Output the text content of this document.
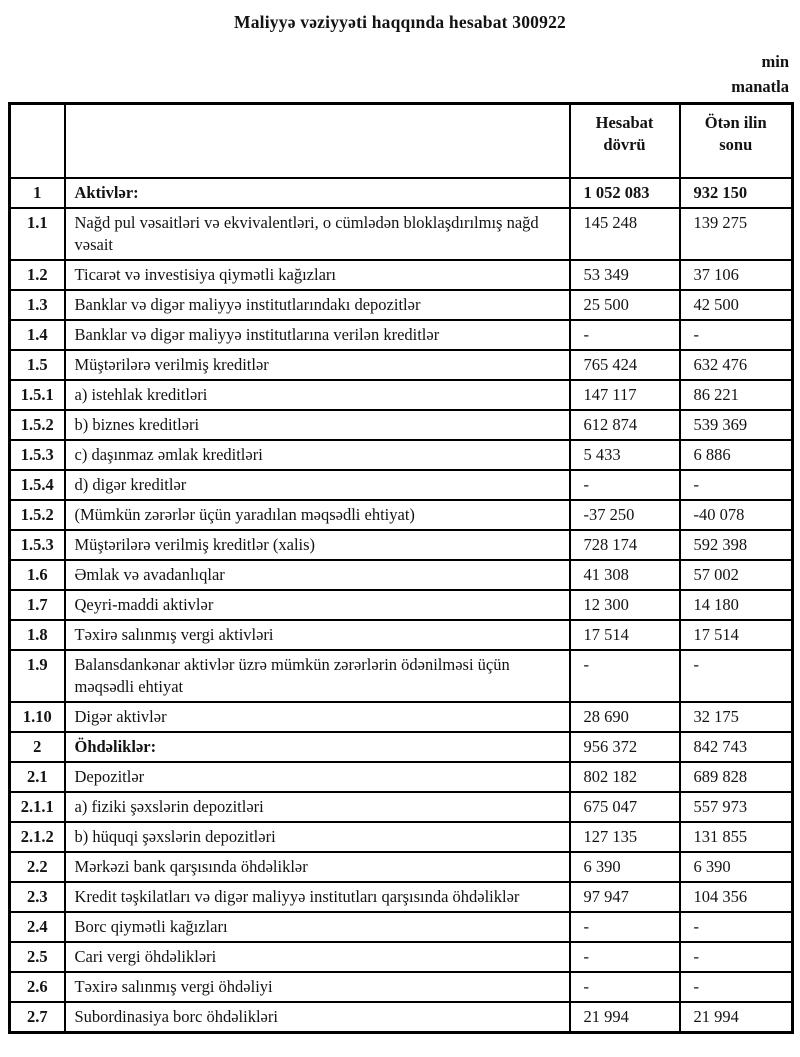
Maliyyə vəziyyəti haqqında hesabat 300922
min
manatla
		Hesabat dövrü	Ötən ilin sonu
1	Aktivlər:	1 052 083	932 150
1.1	Nağd pul vəsaitləri və ekvivalentləri, o cümlədən bloklaşdırılmış nağd vəsait	145 248	139 275
1.2	Ticarət və investisiya qiymətli kağızları	53 349	37 106
1.3	Banklar və digər maliyyə institutlarındakı depozitlər	25 500	42 500
1.4	Banklar və digər maliyyə institutlarına verilən kreditlər	-	-
1.5	Müştərilərə verilmiş kreditlər	765 424	632 476
1.5.1	a) istehlak kreditləri	147 117	86 221
1.5.2	b) biznes kreditləri	612 874	539 369
1.5.3	c) daşınmaz əmlak kreditləri	5 433	6 886
1.5.4	d) digər kreditlər	-	-
1.5.2	(Mümkün zərərlər üçün yaradılan məqsədli ehtiyat)	-37 250	-40 078
1.5.3	Müştərilərə verilmiş kreditlər (xalis)	728 174	592 398
1.6	Əmlak və avadanlıqlar	41 308	57 002
1.7	Qeyri-maddi aktivlər	12 300	14 180
1.8	Təxirə salınmış vergi aktivləri	17 514	17 514
1.9	Balansdankənar aktivlər üzrə mümkün zərərlərin ödənilməsi üçün məqsədli ehtiyat	-	-
1.10	Digər aktivlər	28 690	32 175
2	Öhdəliklər:	956 372	842 743
2.1	Depozitlər	802 182	689 828
2.1.1	a) fiziki şəxslərin depozitləri	675 047	557 973
2.1.2	b) hüquqi şəxslərin depozitləri	127 135	131 855
2.2	Mərkəzi bank qarşısında öhdəliklər	6 390	6 390
2.3	Kredit təşkilatları və digər maliyyə institutları qarşısında öhdəliklər	97 947	104 356
2.4	Borc qiymətli kağızları	-	-
2.5	Cari vergi öhdəlikləri	-	-
2.6	Təxirə salınmış vergi öhdəliyi	-	-
2.7	Subordinasiya borc öhdəlikləri	21 994	21 994
